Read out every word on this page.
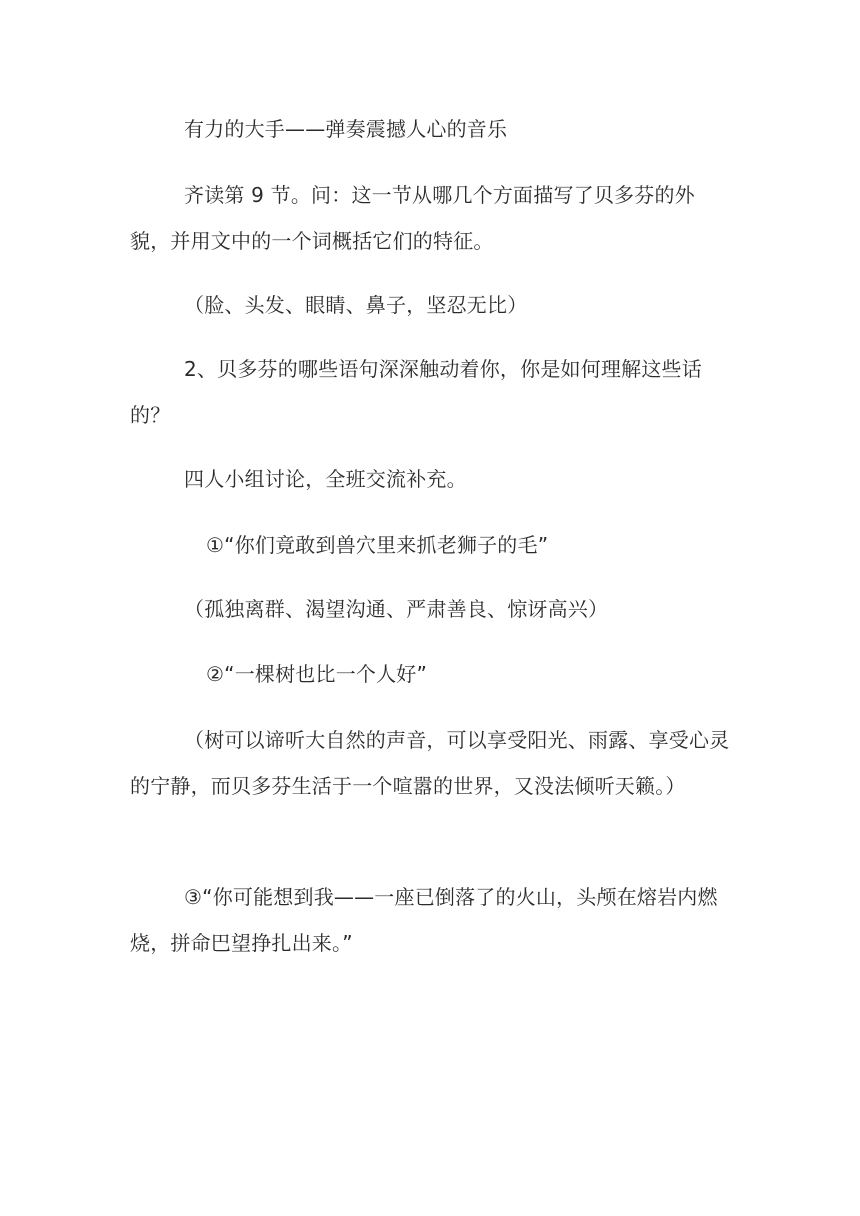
有力的大手——弹奏震撼人心的音乐

齐读第 9 节。问：这一节从哪几个方面描写了贝多芬的外貌，并用文中的一个词概括它们的特征。

（脸、头发、眼睛、鼻子，坚忍无比）

2、贝多芬的哪些语句深深触动着你，你是如何理解这些话的？

四人小组讨论，全班交流补充。

①“你们竟敢到兽穴里来抓老狮子的毛”

（孤独离群、渴望沟通、严肃善良、惊讶高兴）

②“一棵树也比一个人好”

（树可以谛听大自然的声音，可以享受阳光、雨露、享受心灵的宁静，而贝多芬生活于一个喧嚣的世界，又没法倾听天籁。）

③“你可能想到我——一座已倒落了的火山，头颅在熔岩内燃烧，拼命巴望挣扎出来。”
